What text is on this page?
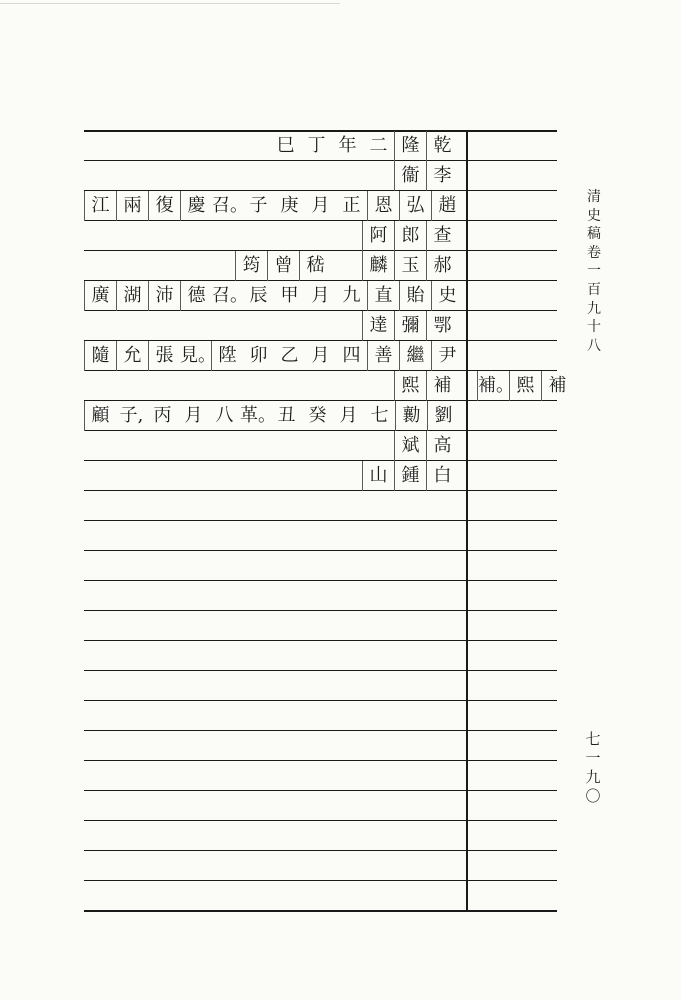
巳 丁 年 二 隆 乾
衞 李
江 兩 復 慶 召。子 庚 月 正 恩 弘 趙
阿 郎 查
筠 曾 嵇	麟 玉 郝
廣 湖 沛 德 召。辰 甲 月 九 直 貽 史
達 彌 鄂
隨 允 張 見。 陞 卯 乙 月 四 善 繼 尹
熙 補	補。 熙 補
顧 子, 丙 月 八 革。丑 癸 月 七 勷 劉
斌 高
山 鍾 白
清
史
稿
卷
一
百
九
十
八
七
一
九
〇
